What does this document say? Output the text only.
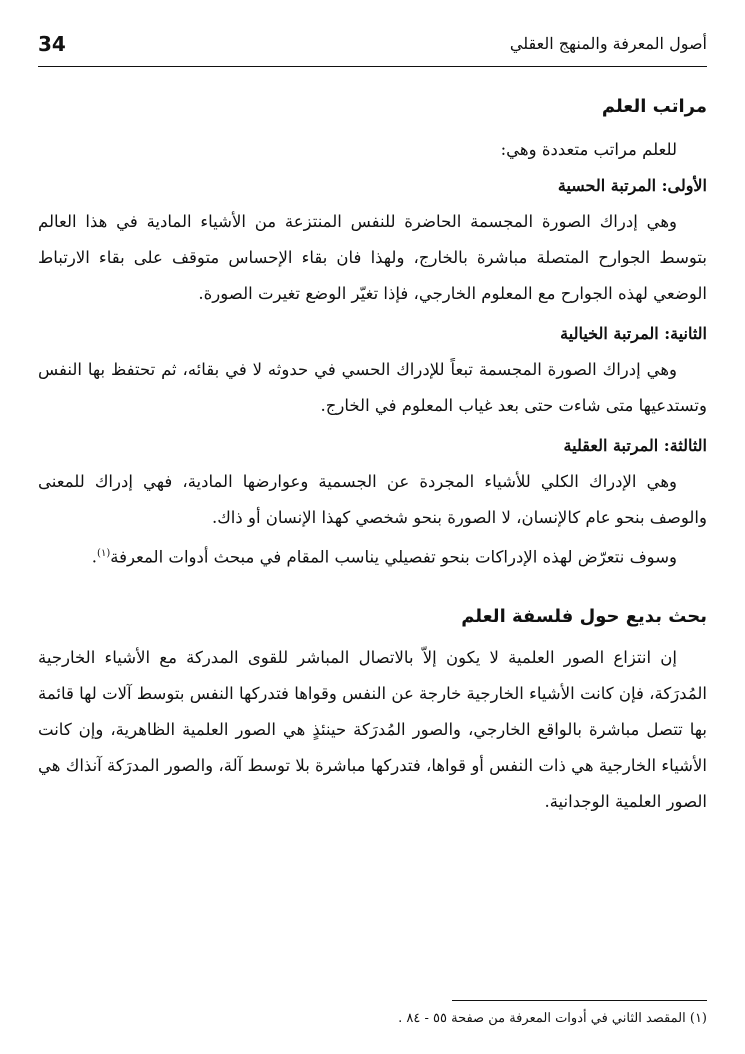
34	أصول المعرفة والمنهج العقلي
مراتب العلم

للعلم مراتب متعددة وهي:

الأولى: المرتبة الحسية

وهي إدراك الصورة المجسمة الحاضرة للنفس المنتزعة من الأشياء المادية في هذا العالم بتوسط الجوارح المتصلة مباشرة بالخارج، ولهذا فان بقاء الإحساس متوقف على بقاء الارتباط الوضعي لهذه الجوارح مع المعلوم الخارجي، فإذا تغيّر الوضع تغيرت الصورة.

الثانية: المرتبة الخيالية

وهي إدراك الصورة المجسمة تبعاً للإدراك الحسي في حدوثه لا في بقائه، ثم تحتفظ بها النفس وتستدعيها متى شاءت حتى بعد غياب المعلوم في الخارج.

الثالثة: المرتبة العقلية

وهي الإدراك الكلي للأشياء المجردة عن الجسمية وعوارضها المادية، فهي إدراك للمعنى والوصف بنحو عام كالإنسان، لا الصورة بنحو شخصي كهذا الإنسان أو ذاك.

وسوف نتعرّض لهذه الإدراكات بنحو تفصيلي يناسب المقام في مبحث أدوات المعرفة$^{(١)}$.

بحث بديع حول فلسفة العلم

إن انتزاع الصور العلمية لا يكون إلاّ بالاتصال المباشر للقوى المدركة مع الأشياء الخارجية المُدرَكة، فإن كانت الأشياء الخارجية خارجة عن النفس وقواها فتدركها النفس بتوسط آلات لها قائمة بها تتصل مباشرة بالواقع الخارجي، والصور المُدرَكة حينئذٍ هي الصور العلمية الظاهرية، وإن كانت الأشياء الخارجية هي ذات النفس أو قواها، فتدركها مباشرة بلا توسط آلة، والصور المدرَكة آنذاك هي الصور العلمية الوجدانية.

(١) المقصد الثاني في أدوات المعرفة من صفحة ٥٥ - ٨٤ .
